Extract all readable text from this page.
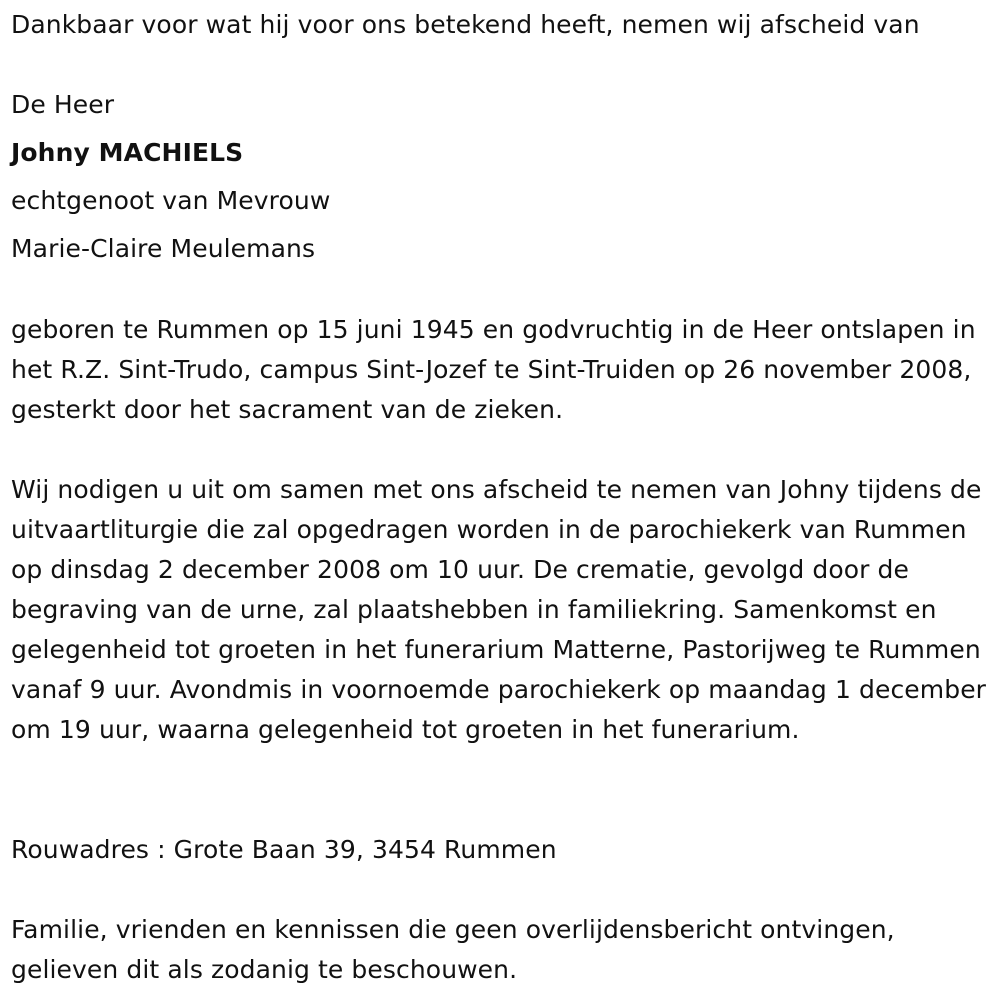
Dankbaar voor wat hij voor ons betekend heeft, nemen wij afscheid van
De Heer
Johny MACHIELS
echtgenoot van Mevrouw
Marie-Claire Meulemans
geboren te Rummen op 15 juni 1945 en godvruchtig in de Heer ontslapen in het R.Z. Sint-Trudo, campus Sint-Jozef te Sint-Truiden op 26 november 2008, gesterkt door het sacrament van de zieken.
Wij nodigen u uit om samen met ons afscheid te nemen van Johny tijdens de uitvaartliturgie die zal opgedragen worden in de parochiekerk van Rummen op dinsdag 2 december 2008 om 10 uur. De crematie, gevolgd door de begraving van de urne, zal plaatshebben in familiekring. Samenkomst en gelegenheid tot groeten in het funerarium Matterne, Pastorijweg te Rummen vanaf 9 uur. Avondmis in voornoemde parochiekerk op maandag 1 december om 19 uur, waarna gelegenheid tot groeten in het funerarium.
Rouwadres : Grote Baan 39, 3454 Rummen
Familie, vrienden en kennissen die geen overlijdensbericht ontvingen, gelieven dit als zodanig te beschouwen.
